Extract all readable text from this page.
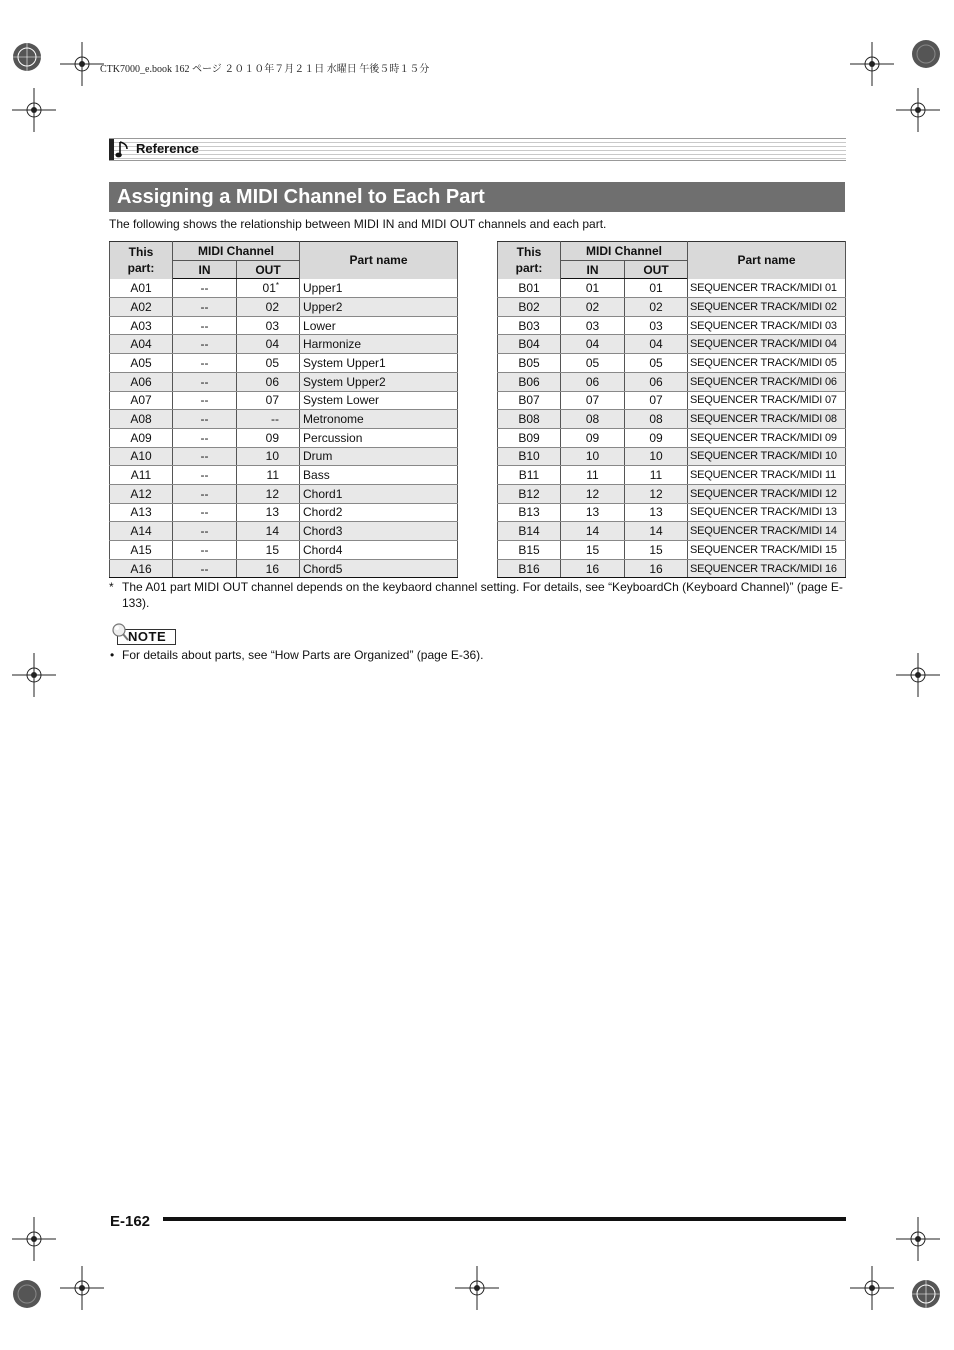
CTK7000_e.book 162 ページ ２０１０年７月２１日 水曜日 午後５時１５分
Reference
Assigning a MIDI Channel to Each Part
The following shows the relationship between MIDI IN and MIDI OUT channels and each part.
This
part:	MIDI Channel		Part name
	IN	OUT	
A01	--	01*	Upper1
A02	--	02	Upper2
A03	--	03	Lower
A04	--	04	Harmonize
A05	--	05	System Upper1
A06	--	06	System Upper2
A07	--	07	System Lower
A08	--	--	Metronome
A09	--	09	Percussion
A10	--	10	Drum
A11	--	11	Bass
A12	--	12	Chord1
A13	--	13	Chord2
A14	--	14	Chord3
A15	--	15	Chord4
A16	--	16	Chord5
This
part:	MIDI Channel		Part name
	IN	OUT	
B01	01	01	SEQUENCER TRACK/MIDI 01
B02	02	02	SEQUENCER TRACK/MIDI 02
B03	03	03	SEQUENCER TRACK/MIDI 03
B04	04	04	SEQUENCER TRACK/MIDI 04
B05	05	05	SEQUENCER TRACK/MIDI 05
B06	06	06	SEQUENCER TRACK/MIDI 06
B07	07	07	SEQUENCER TRACK/MIDI 07
B08	08	08	SEQUENCER TRACK/MIDI 08
B09	09	09	SEQUENCER TRACK/MIDI 09
B10	10	10	SEQUENCER TRACK/MIDI 10
B11	11	11	SEQUENCER TRACK/MIDI 11
B12	12	12	SEQUENCER TRACK/MIDI 12
B13	13	13	SEQUENCER TRACK/MIDI 13
B14	14	14	SEQUENCER TRACK/MIDI 14
B15	15	15	SEQUENCER TRACK/MIDI 15
B16	16	16	SEQUENCER TRACK/MIDI 16
* The A01 part MIDI OUT channel depends on the keybaord channel setting. For details, see “KeyboardCh (Keyboard Channel)” (page E-133).
NOTE
• For details about parts, see “How Parts are Organized” (page E-36).
E-162
